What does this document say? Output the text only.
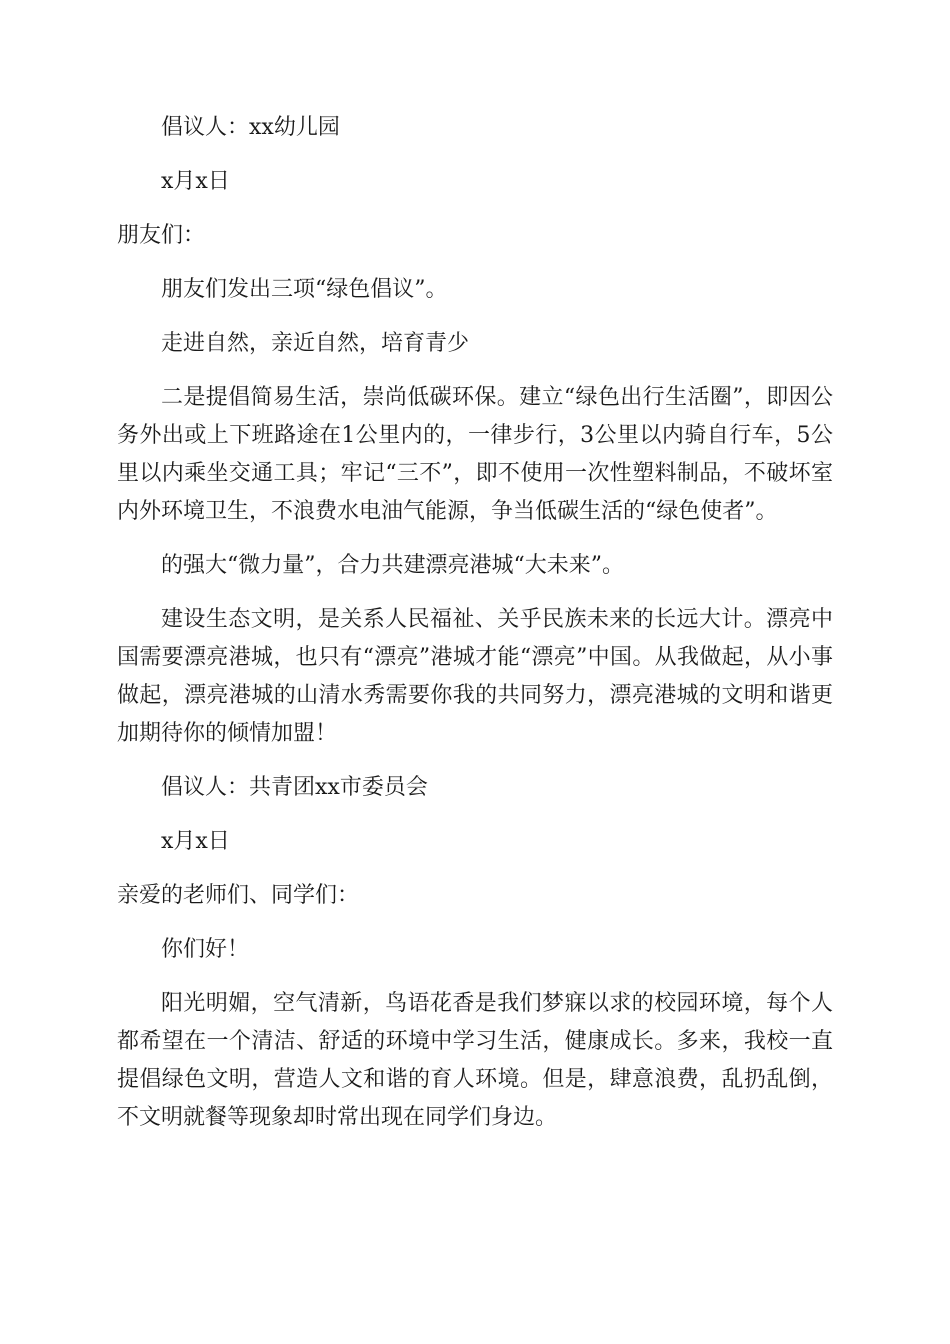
倡议人：xx幼儿园

x月x日

朋友们：

朋友们发出三项“绿色倡议”。

走进自然，亲近自然，培育青少

二是提倡简易生活，崇尚低碳环保。建立“绿色出行生活圈”，即因公务外出或上下班路途在1公里内的，一律步行，3公里以内骑自行车，5公里以内乘坐交通工具；牢记“三不”，即不使用一次性塑料制品，不破坏室内外环境卫生，不浪费水电油气能源，争当低碳生活的“绿色使者”。

的强大“微力量”，合力共建漂亮港城“大未来”。

建设生态文明，是关系人民福祉、关乎民族未来的长远大计。漂亮中国需要漂亮港城，也只有“漂亮”港城才能“漂亮”中国。从我做起，从小事做起，漂亮港城的山清水秀需要你我的共同努力，漂亮港城的文明和谐更加期待你的倾情加盟！

倡议人：共青团xx市委员会

x月x日

亲爱的老师们、同学们：

你们好！

阳光明媚，空气清新，鸟语花香是我们梦寐以求的校园环境，每个人都希望在一个清洁、舒适的环境中学习生活，健康成长。多来，我校一直提倡绿色文明，营造人文和谐的育人环境。但是，肆意浪费，乱扔乱倒，不文明就餐等现象却时常出现在同学们身边。
